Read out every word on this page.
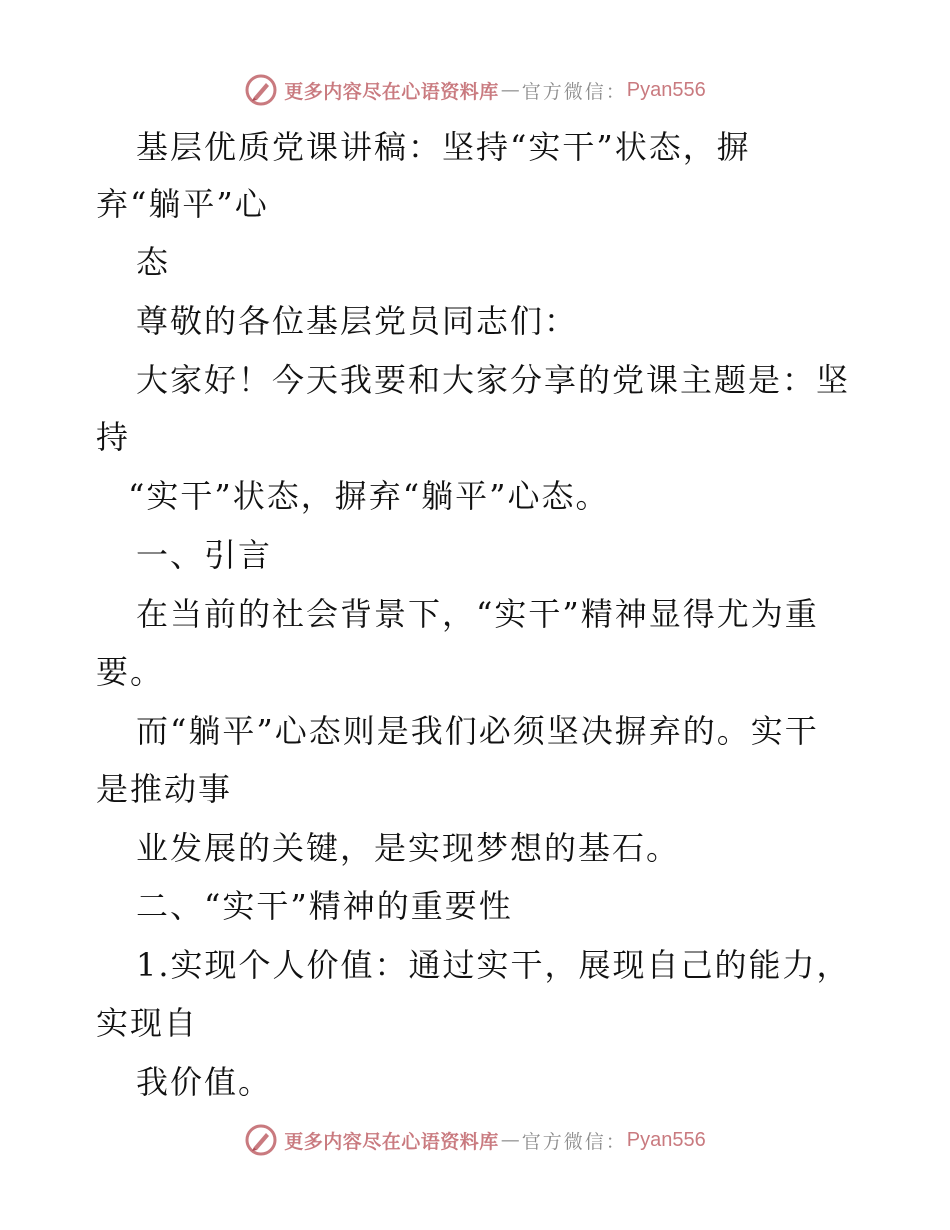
更多内容尽在心语资料库 — 官方微信： Pyan556
基层优质党课讲稿：坚持“实干”状态，摒
弃“躺平”心
态
尊敬的各位基层党员同志们：
大家好！今天我要和大家分享的党课主题是：坚
持
“实干”状态，摒弃“躺平”心态。
一、引言
在当前的社会背景下，“实干”精神显得尤为重
要。
而“躺平”心态则是我们必须坚决摒弃的。实干
是推动事
业发展的关键，是实现梦想的基石。
二、“实干”精神的重要性
1.实现个人价值：通过实干，展现自己的能力，
实现自
我价值。
更多内容尽在心语资料库 — 官方微信： Pyan556
